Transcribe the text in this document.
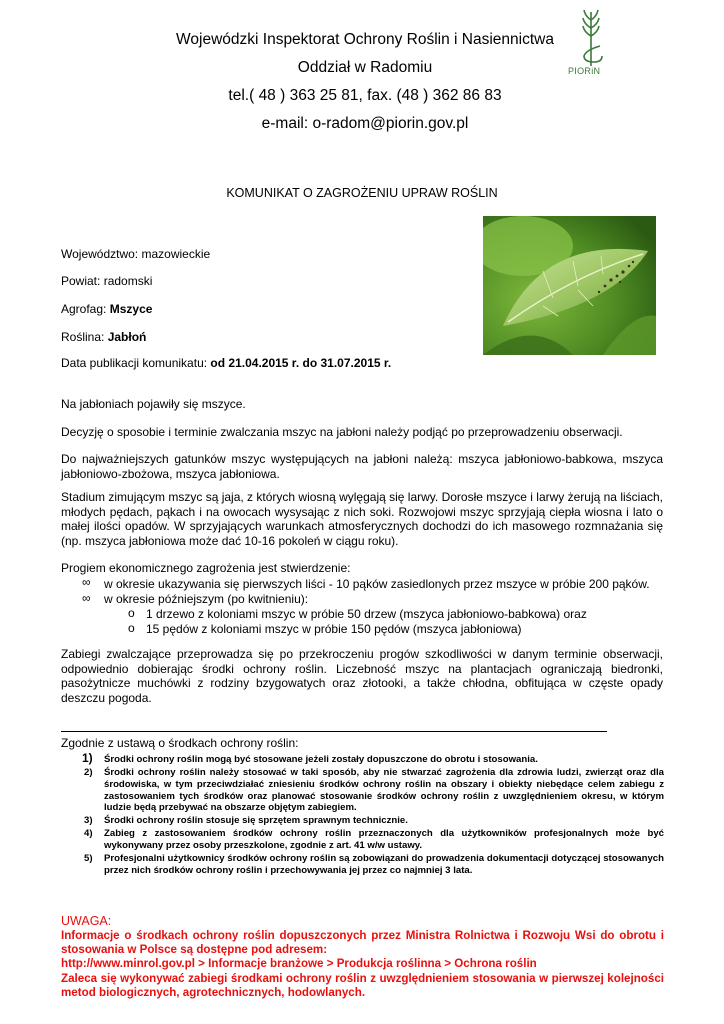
Wojewódzki Inspektorat Ochrony Roślin i Nasiennictwa
Oddział w Radomiu
tel.( 48 ) 363 25 81, fax. (48 ) 362 86 83
e-mail: o-radom@piorin.gov.pl
PIORiN
KOMUNIKAT O ZAGROŻENIU UPRAW ROŚLIN
Województwo: mazowieckie
Powiat: radomski
Agrofag: Mszyce
Roślina: Jabłoń
Data publikacji komunikatu: od 21.04.2015 r. do 31.07.2015 r.
Na jabłoniach pojawiły się mszyce.
Decyzję o sposobie i terminie zwalczania mszyc na jabłoni należy podjąć po przeprowadzeniu obserwacji.
Do najważniejszych gatunków mszyc występujących na jabłoni należą: mszyca jabłoniowo-babkowa, mszyca jabłoniowo-zbożowa, mszyca jabłoniowa.
Stadium zimującym mszyc są jaja, z których wiosną wylęgają się larwy. Dorosłe mszyce i larwy żerują na liściach, młodych pędach, pąkach i na owocach wysysając z nich soki. Rozwojowi mszyc sprzyjają ciepła wiosna i lato o małej ilości opadów. W sprzyjających warunkach atmosferycznych dochodzi do ich masowego rozmnażania się (np. mszyca jabłoniowa może dać 10-16 pokoleń w ciągu roku).
Progiem ekonomicznego zagrożenia jest stwierdzenie:
∞ w okresie ukazywania się pierwszych liści - 10 pąków zasiedlonych przez mszyce w próbie 200 pąków.
∞ w okresie późniejszym (po kwitnieniu):
o 1 drzewo z koloniami mszyc w próbie 50 drzew (mszyca jabłoniowo-babkowa) oraz
o 15 pędów z koloniami mszyc w próbie 150 pędów (mszyca jabłoniowa)
Zabiegi zwalczające przeprowadza się po przekroczeniu progów szkodliwości w danym terminie obserwacji, odpowiednio dobierając środki ochrony roślin. Liczebność mszyc na plantacjach ograniczają biedronki, pasożytnicze muchówki z rodziny bzygowatych oraz złotooki, a także chłodna, obfitująca w częste opady deszczu pogoda.
Zgodnie z ustawą o środkach ochrony roślin:
1) Środki ochrony roślin mogą być stosowane jeżeli zostały dopuszczone do obrotu i stosowania.
2) Środki ochrony roślin należy stosować w taki sposób, aby nie stwarzać zagrożenia dla zdrowia ludzi, zwierząt oraz dla środowiska, w tym przeciwdziałać zniesieniu środków ochrony roślin na obszary i obiekty niebędące celem zabiegu z zastosowaniem tych środków oraz planować stosowanie środków ochrony roślin z uwzględnieniem okresu, w którym ludzie będą przebywać na obszarze objętym zabiegiem.
3) Środki ochrony roślin stosuje się sprzętem sprawnym technicznie.
4) Zabieg z zastosowaniem środków ochrony roślin przeznaczonych dla użytkowników profesjonalnych może być wykonywany przez osoby przeszkolone, zgodnie z art. 41 w/w ustawy.
5) Profesjonalni użytkownicy środków ochrony roślin są zobowiązani do prowadzenia dokumentacji dotyczącej stosowanych przez nich środków ochrony roślin i przechowywania jej przez co najmniej 3 lata.
UWAGA:
Informacje o środkach ochrony roślin dopuszczonych przez Ministra Rolnictwa i Rozwoju Wsi do obrotu i stosowania w Polsce są dostępne pod adresem:
http://www.minrol.gov.pl > Informacje branżowe > Produkcja roślinna > Ochrona roślin
Zaleca się wykonywać zabiegi środkami ochrony roślin z uwzględnieniem stosowania w pierwszej kolejności metod biologicznych, agrotechnicznych, hodowlanych.
